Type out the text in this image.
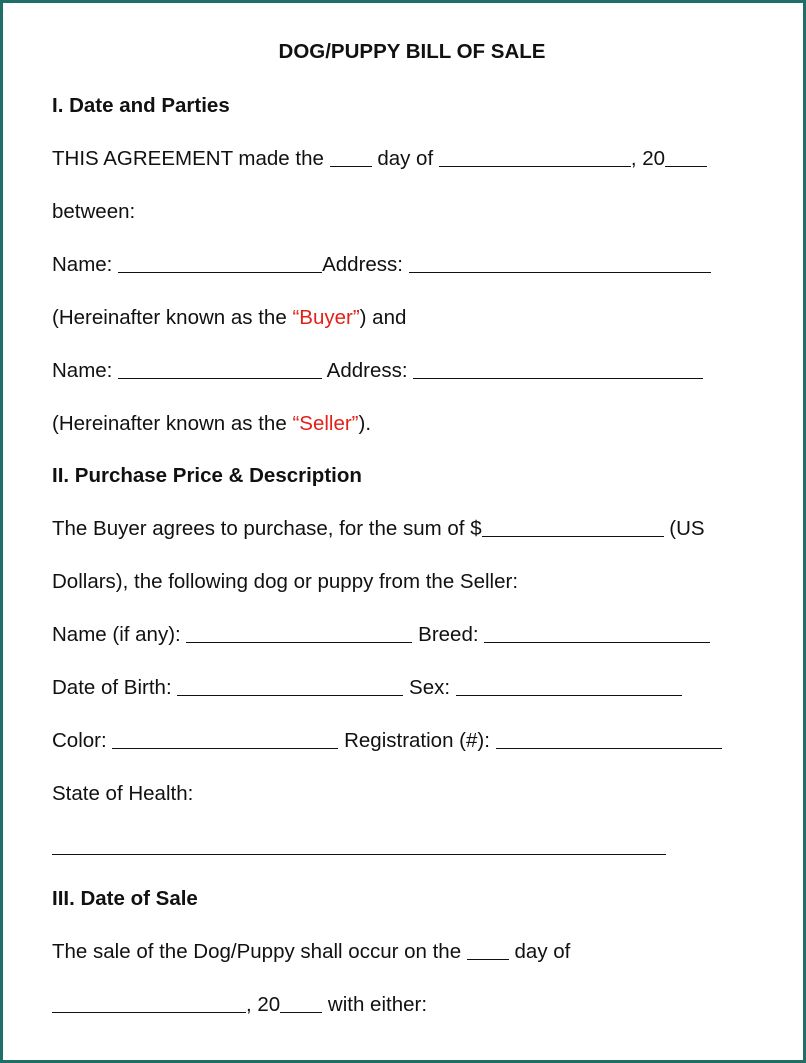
DOG/PUPPY BILL OF SALE
I. Date and Parties
THIS AGREEMENT made the	day of	, 20
between:
Name:	Address:
(Hereinafter known as the “Buyer”) and
Name:	Address:
(Hereinafter known as the “Seller”).
II. Purchase Price & Description
The Buyer agrees to purchase, for the sum of $	(US
Dollars), the following dog or puppy from the Seller:
Name (if any):	Breed:
Date of Birth:	Sex:
Color:	Registration (#):
State of Health:
III. Date of Sale
The sale of the Dog/Puppy shall occur on the	day of
, 20 with either:
